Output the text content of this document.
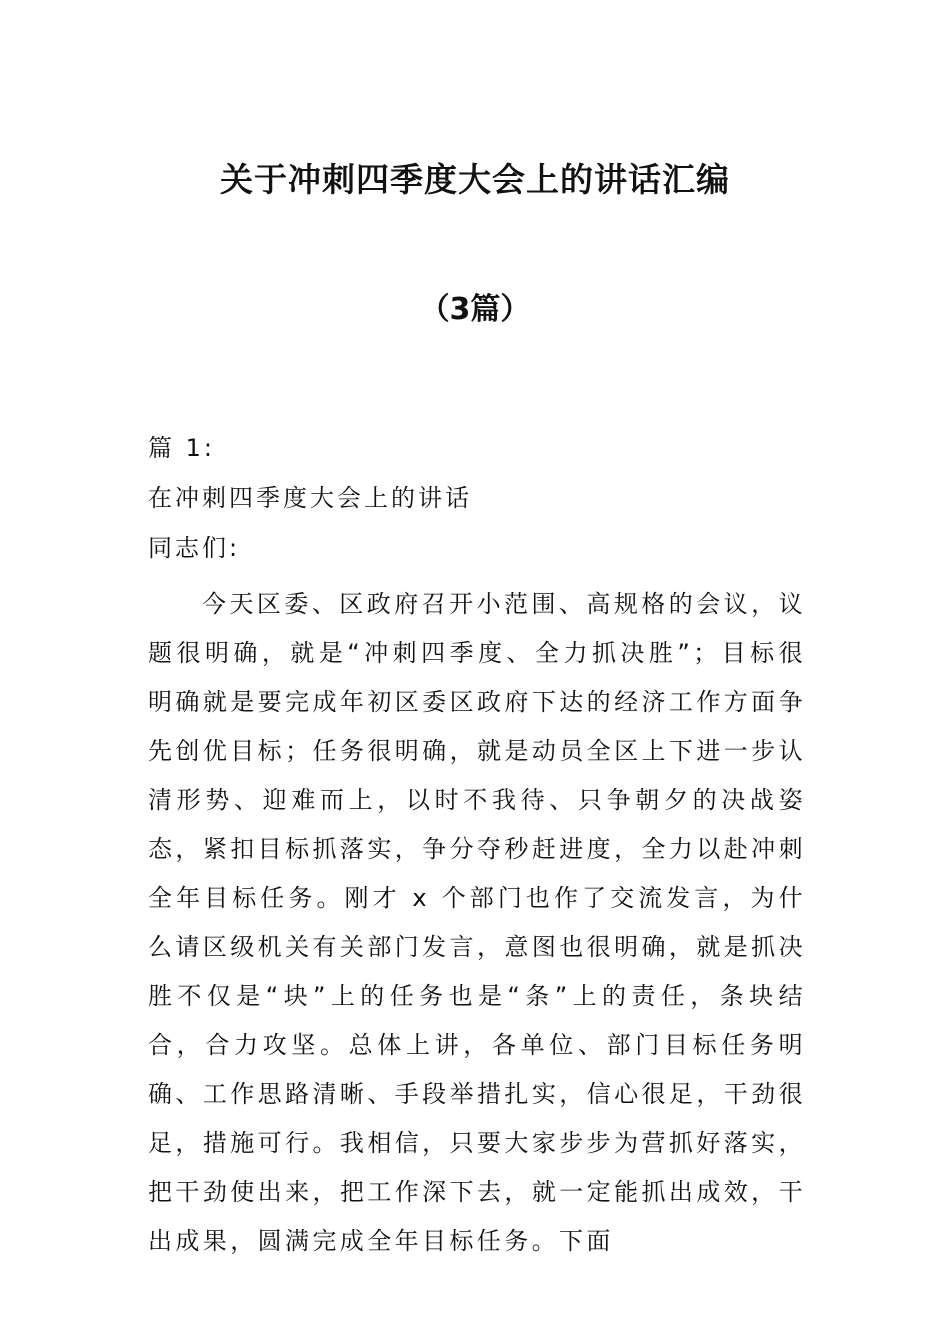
关于冲刺四季度大会上的讲话汇编
（3篇）

篇 1:

在冲刺四季度大会上的讲话

同志们:

今天区委、区政府召开小范围、高规格的会议，议题很明确，就是“冲刺四季度、全力抓决胜”；目标很明确就是要完成年初区委区政府下达的经济工作方面争先创优目标；任务很明确，就是动员全区上下进一步认清形势、迎难而上，以时不我待、只争朝夕的决战姿态，紧扣目标抓落实，争分夺秒赶进度，全力以赴冲刺全年目标任务。刚才 x 个部门也作了交流发言，为什么请区级机关有关部门发言，意图也很明确，就是抓决胜不仅是“块”上的任务也是“条”上的责任，条块结合，合力攻坚。总体上讲，各单位、部门目标任务明确、工作思路清晰、手段举措扎实，信心很足，干劲很足，措施可行。我相信，只要大家步步为营抓好落实，把干劲使出来，把工作深下去，就一定能抓出成效，干出成果，圆满完成全年目标任务。下面
